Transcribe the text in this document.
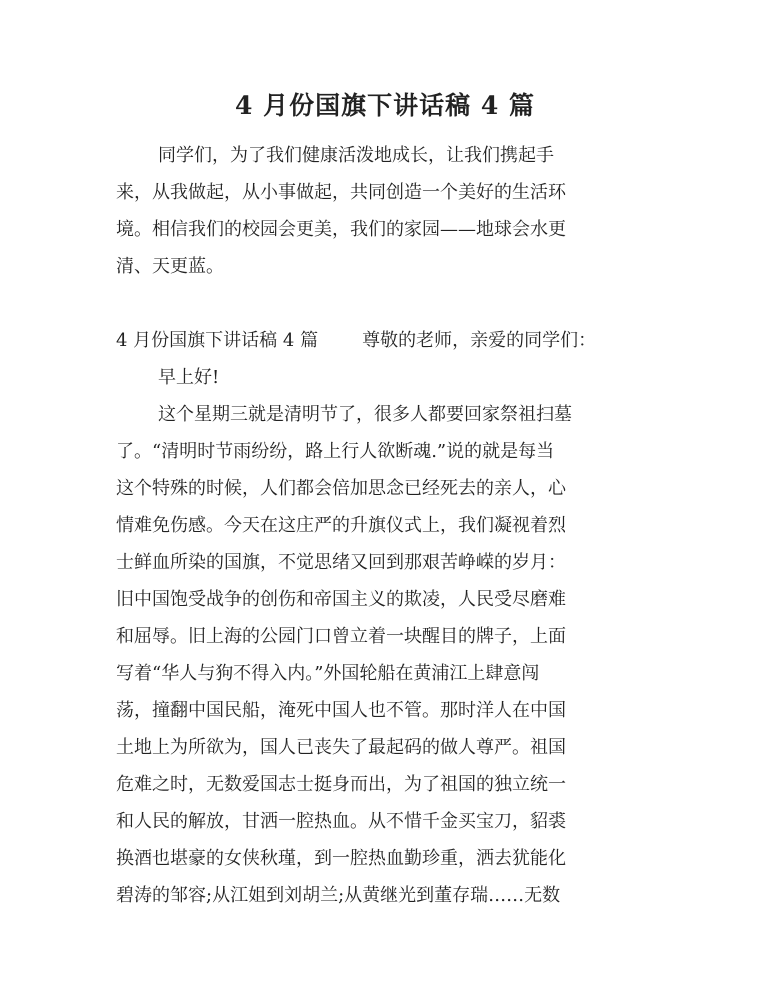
4 月份国旗下讲话稿 4 篇

同学们，为了我们健康活泼地成长，让我们携起手

来，从我做起，从小事做起，共同创造一个美好的生活环

境。相信我们的校园会更美，我们的家园——地球会水更

清、天更蓝。

4 月份国旗下讲话稿 4 篇 尊敬的老师，亲爱的同学们：

早上好!

这个星期三就是清明节了，很多人都要回家祭祖扫墓

了。“清明时节雨纷纷，路上行人欲断魂.”说的就是每当

这个特殊的时候，人们都会倍加思念已经死去的亲人，心

情难免伤感。今天在这庄严的升旗仪式上，我们凝视着烈

士鲜血所染的国旗，不觉思绪又回到那艰苦峥嵘的岁月：

旧中国饱受战争的创伤和帝国主义的欺凌，人民受尽磨难

和屈辱。旧上海的公园门口曾立着一块醒目的牌子，上面

写着“华人与狗不得入内。”外国轮船在黄浦江上肆意闯

荡，撞翻中国民船，淹死中国人也不管。那时洋人在中国

土地上为所欲为，国人已丧失了最起码的做人尊严。祖国

危难之时，无数爱国志士挺身而出，为了祖国的独立统一

和人民的解放，甘洒一腔热血。从不惜千金买宝刀，貂裘

换酒也堪豪的女侠秋瑾，到一腔热血勤珍重，洒去犹能化

碧涛的邹容;从江姐到刘胡兰;从黄继光到董存瑞……无数
